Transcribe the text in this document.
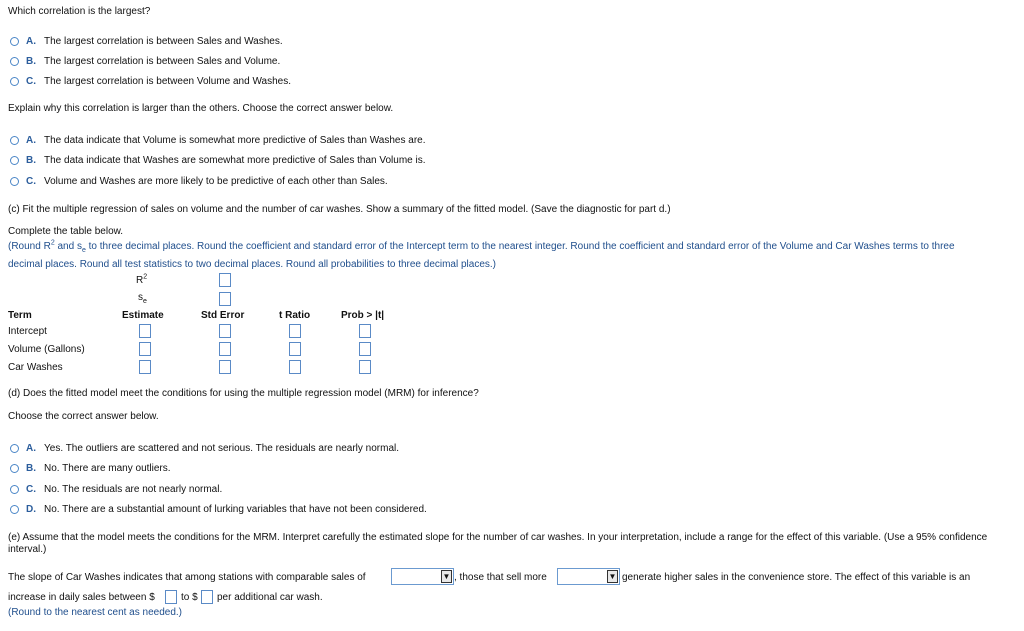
Which correlation is the largest?
A. The largest correlation is between Sales and Washes.
B. The largest correlation is between Sales and Volume.
C. The largest correlation is between Volume and Washes.
Explain why this correlation is larger than the others. Choose the correct answer below.
A. The data indicate that Volume is somewhat more predictive of Sales than Washes are.
B. The data indicate that Washes are somewhat more predictive of Sales than Volume is.
C. Volume and Washes are more likely to be predictive of each other than Sales.
(c) Fit the multiple regression of sales on volume and the number of car washes. Show a summary of the fitted model. (Save the diagnostic for part d.)
Complete the table below.
(Round $R^2$ and $s_e$ to three decimal places. Round the coefficient and standard error of the Intercept term to the nearest integer. Round the coefficient and standard error of the Volume and Car Washes terms to three
decimal places. Round all test statistics to two decimal places. Round all probabilities to three decimal places.)
$R^2$
$s_e$
Term	Estimate	Std Error	t Ratio	Prob > |t|
Intercept
Volume (Gallons)
Car Washes
(d) Does the fitted model meet the conditions for using the multiple regression model (MRM) for inference?
Choose the correct answer below.
A. Yes. The outliers are scattered and not serious. The residuals are nearly normal.
B. No. There are many outliers.
C. No. The residuals are not nearly normal.
D. No. There are a substantial amount of lurking variables that have not been considered.
(e) Assume that the model meets the conditions for the MRM. Interpret carefully the estimated slope for the number of car washes. In your interpretation, include a range for the effect of this variable. (Use a 95% confidence interval.)
The slope of Car Washes indicates that among stations with comparable sales of	▼ , those that sell more	▼ generate higher sales in the convenience store. The effect of this variable is an
increase in daily sales between $	to $ per additional car wash.
(Round to the nearest cent as needed.)
